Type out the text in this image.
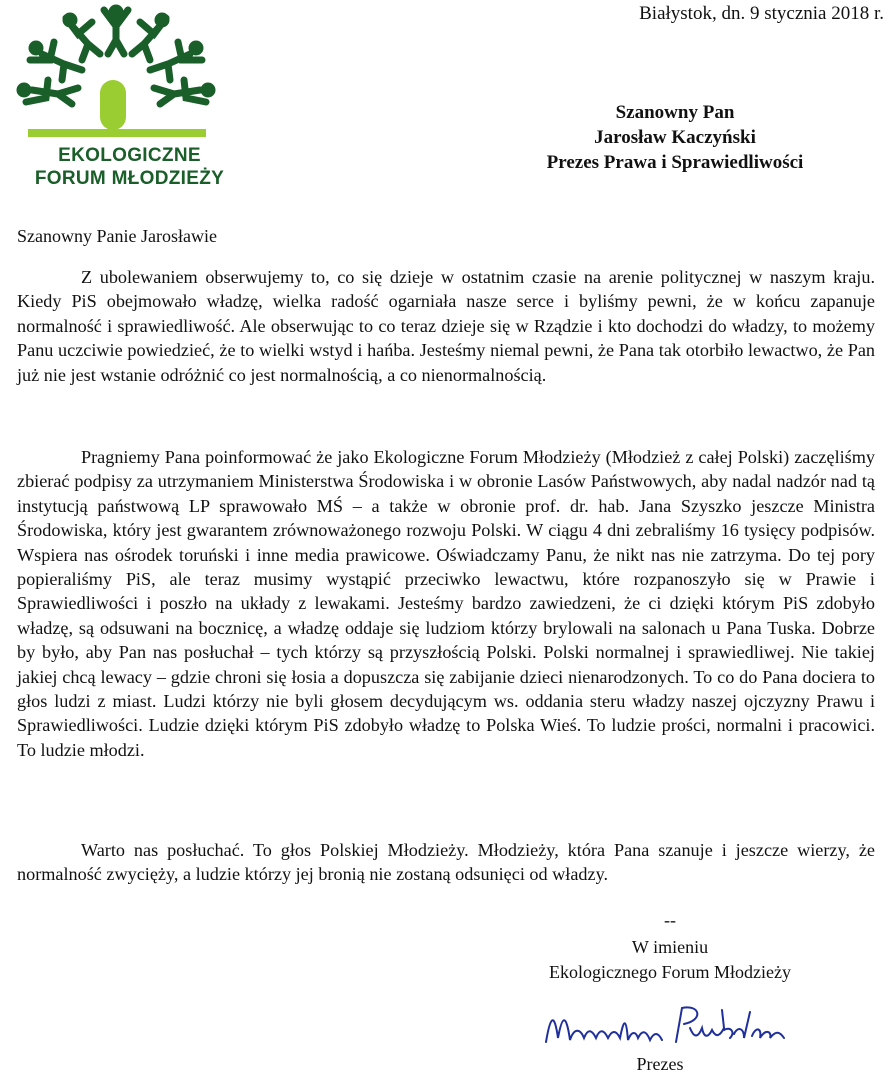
EKOLOGICZNE
FORUM MŁODZIEŻY
Białystok, dn. 9 stycznia 2018 r.
Szanowny Pan
Jarosław Kaczyński
Prezes Prawa i Sprawiedliwości
Szanowny Panie Jarosławie

Z ubolewaniem obserwujemy to, co się dzieje w ostatnim czasie na arenie politycznej w naszym kraju. Kiedy PiS obejmowało władzę, wielka radość ogarniała nasze serce i byliśmy pewni, że w końcu zapanuje normalność i sprawiedliwość. Ale obserwując to co teraz dzieje się w Rządzie i kto dochodzi do władzy, to możemy Panu uczciwie powiedzieć, że to wielki wstyd i hańba. Jesteśmy niemal pewni, że Pana tak otorbiło lewactwo, że Pan już nie jest wstanie odróżnić co jest normalnością, a co nienormalnością.

Pragniemy Pana poinformować że jako Ekologiczne Forum Młodzieży (Młodzież z całej Polski) zaczęliśmy zbierać podpisy za utrzymaniem Ministerstwa Środowiska i w obronie Lasów Państwowych, aby nadal nadzór nad tą instytucją państwową LP sprawowało MŚ – a także w obronie prof. dr. hab. Jana Szyszko jeszcze Ministra Środowiska, który jest gwarantem zrównoważonego rozwoju Polski. W ciągu 4 dni zebraliśmy 16 tysięcy podpisów. Wspiera nas ośrodek toruński i inne media prawicowe. Oświadczamy Panu, że nikt nas nie zatrzyma. Do tej pory popieraliśmy PiS, ale teraz musimy wystąpić przeciwko lewactwu, które rozpanoszyło się w Prawie i Sprawiedliwości i poszło na układy z lewakami. Jesteśmy bardzo zawiedzeni, że ci dzięki którym PiS zdobyło władzę, są odsuwani na bocznicę, a władzę oddaje się ludziom którzy brylowali na salonach u Pana Tuska. Dobrze by było, aby Pan nas posłuchał – tych którzy są przyszłością Polski. Polski normalnej i sprawiedliwej. Nie takiej jakiej chcą lewacy – gdzie chroni się łosia a dopuszcza się zabijanie dzieci nienarodzonych. To co do Pana dociera to głos ludzi z miast. Ludzi którzy nie byli głosem decydującym ws. oddania steru władzy naszej ojczyzny Prawu i Sprawiedliwości. Ludzie dzięki którym PiS zdobyło władzę to Polska Wieś. To ludzie prości, normalni i pracowici. To ludzie młodzi.

Warto nas posłuchać. To głos Polskiej Młodzieży. Młodzieży, która Pana szanuje i jeszcze wierzy, że normalność zwycięży, a ludzie którzy jej bronią nie zostaną odsunięci od władzy.

--
W imieniu
Ekologicznego Forum Młodzieży
Prezes
